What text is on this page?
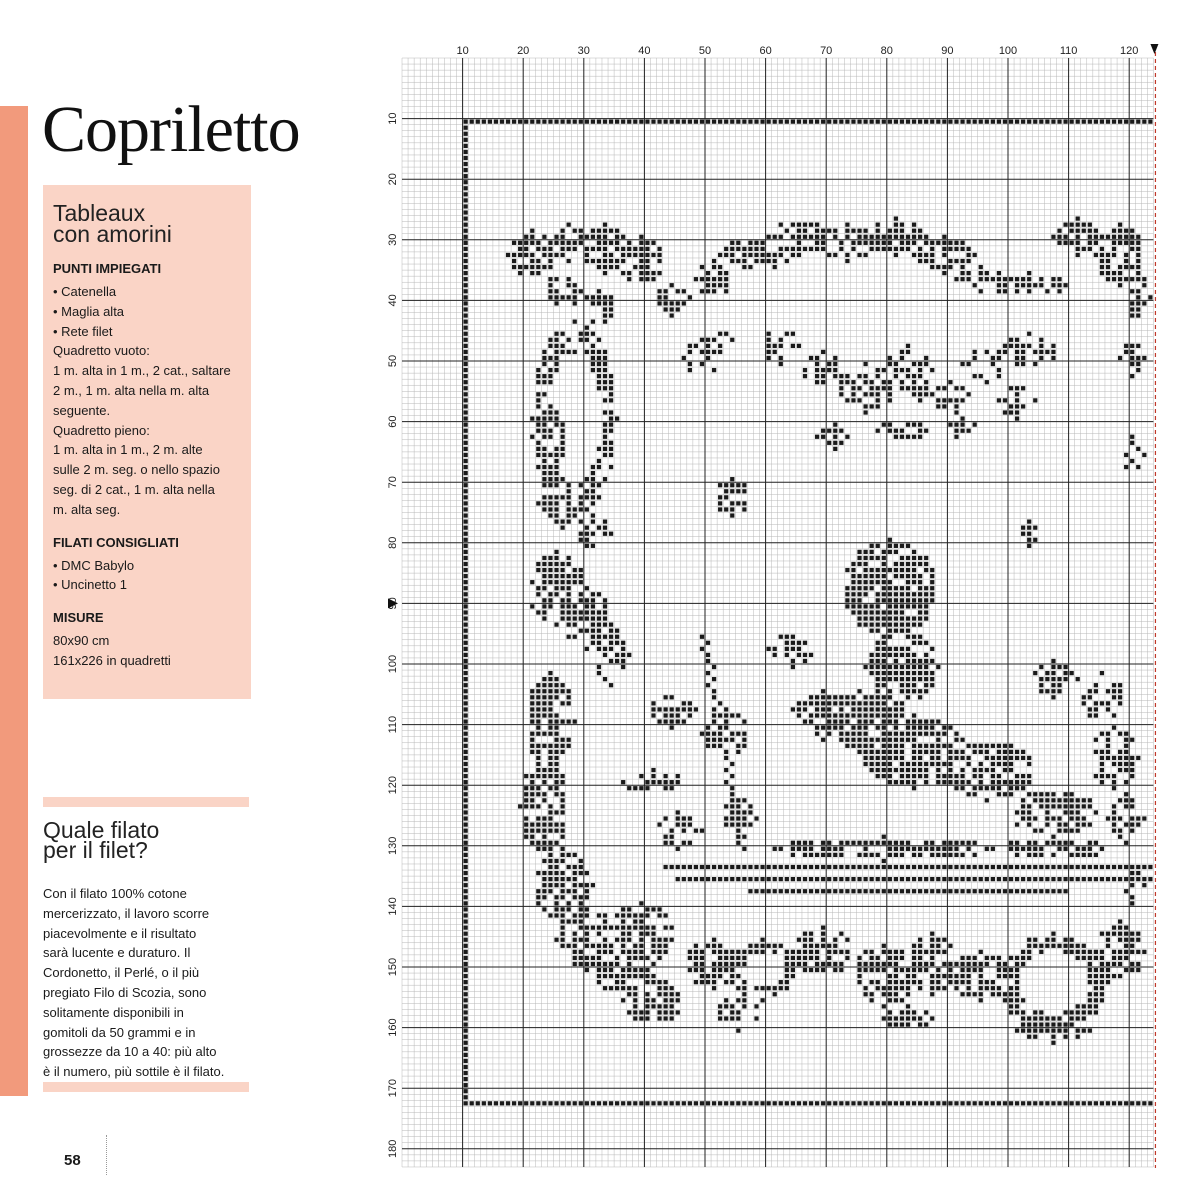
Copriletto
Tableaux
con amorini
PUNTI IMPIEGATI

• Catenella

• Maglia alta

• Rete filet

Quadretto vuoto:

1 m. alta in 1 m., 2 cat., saltare

2 m., 1 m. alta nella m. alta

seguente.

Quadretto pieno:

1 m. alta in 1 m., 2 m. alte

sulle 2 m. seg. o nello spazio

seg. di 2 cat., 1 m. alta nella

m. alta seg.

FILATI CONSIGLIATI

• DMC Babylo

• Uncinetto 1

MISURE

80x90 cm

161x226 in quadretti

Quale filato
per il filet?
Con il filato 100% cotone
mercerizzato, il lavoro scorre
piacevolmente e il risultato
sarà lucente e duraturo. Il
Cordonetto, il Perlé, o il più
pregiato Filo di Scozia, sono
solitamente disponibili in
gomitoli da 50 grammi e in
grossezze da 10 a 40: più alto
è il numero, più sottile è il filato.
58
10	20	30	40	50	60	70	80	90	100	110	120
10
20
30
40
50
60
70
80
100
110
120
130
140
150
160
170
180
